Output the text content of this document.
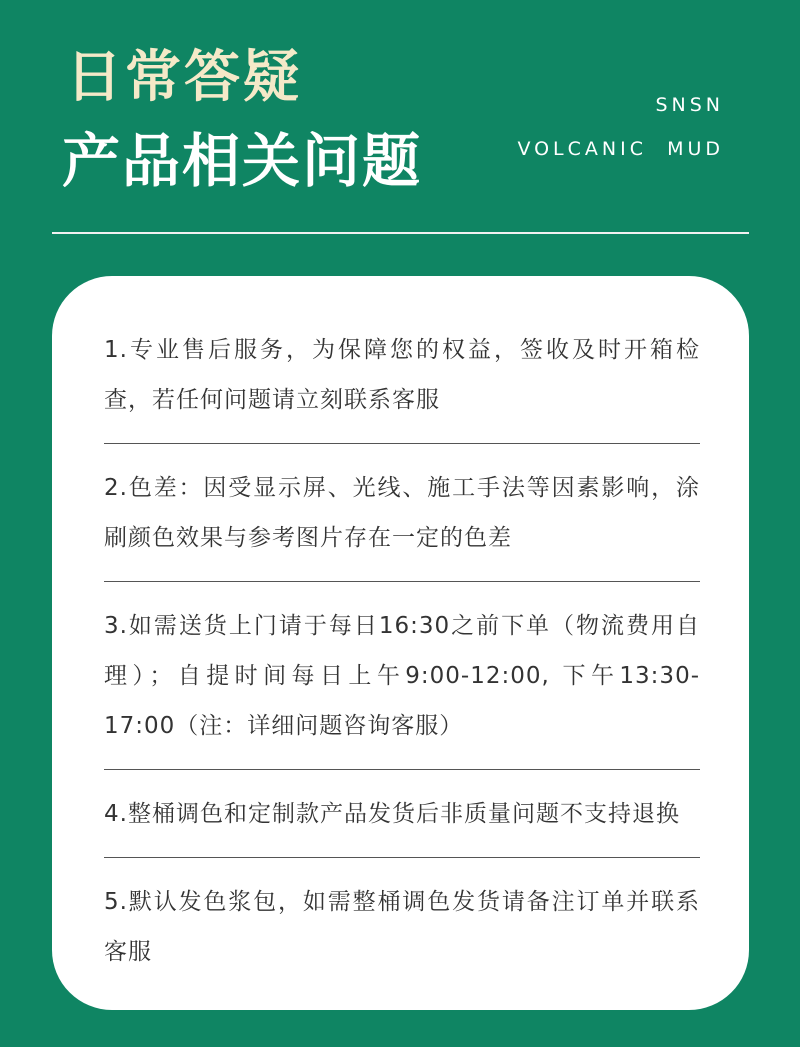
日常答疑
产品相关问题
SNSN
VOLCANIC  MUD
1.专业售后服务，为保障您的权益，签收及时开箱检查，若任何问题请立刻联系客服
2.色差：因受显示屏、光线、施工手法等因素影响，涂刷颜色效果与参考图片存在一定的色差
3.如需送货上门请于每日16:30之前下单（物流费用自理）；自提时间每日上午9:00-12:00, 下午13:30-17:00（注：详细问题咨询客服）
4.整桶调色和定制款产品发货后非质量问题不支持退换
5.默认发色浆包，如需整桶调色发货请备注订单并联系客服
